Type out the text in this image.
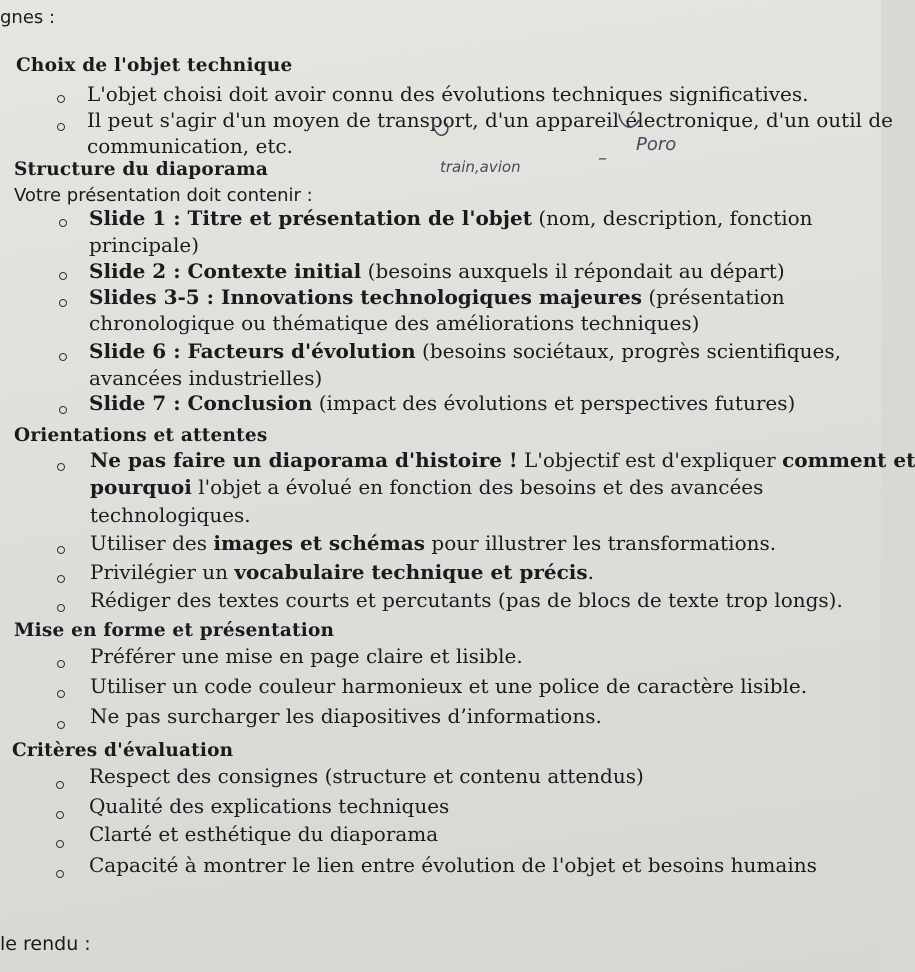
gnes :
Choix de l'objet technique
L'objet choisi doit avoir connu des évolutions techniques significatives.
Il peut s'agir d'un moyen de transport, d'un appareil électronique, d'un outil de
communication, etc.
train,avion	–
Poro
Structure du diaporama
Votre présentation doit contenir :
Slide 1 : Titre et présentation de l'objet (nom, description, fonction
principale)
Slide 2 : Contexte initial (besoins auxquels il répondait au départ)
Slides 3-5 : Innovations technologiques majeures (présentation
chronologique ou thématique des améliorations techniques)
Slide 6 : Facteurs d'évolution (besoins sociétaux, progrès scientifiques,
avancées industrielles)
Slide 7 : Conclusion (impact des évolutions et perspectives futures)
Orientations et attentes
Ne pas faire un diaporama d'histoire ! L'objectif est d'expliquer comment et
pourquoi l'objet a évolué en fonction des besoins et des avancées
technologiques.
Utiliser des images et schémas pour illustrer les transformations.
Privilégier un vocabulaire technique et précis.
Rédiger des textes courts et percutants (pas de blocs de texte trop longs).
Mise en forme et présentation
Préférer une mise en page claire et lisible.
Utiliser un code couleur harmonieux et une police de caractère lisible.
Ne pas surcharger les diapositives d’informations.
Critères d'évaluation
Respect des consignes (structure et contenu attendus)
Qualité des explications techniques
Clarté et esthétique du diaporama
Capacité à montrer le lien entre évolution de l'objet et besoins humains
le rendu :
